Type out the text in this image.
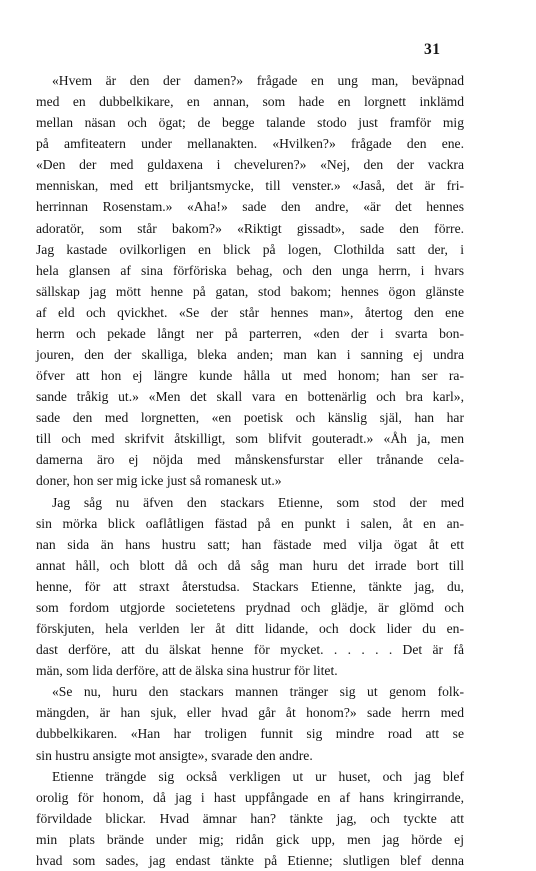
31
«Hvem är den der damen?» frågade en ung man, beväpnad
med en dubbelkikare, en annan, som hade en lorgnett inklämd
mellan näsan och ögat; de begge talande stodo just framför mig
på amfiteatern under mellanakten. «Hvilken?» frågade den ene.
«Den der med guldaxena i cheveluren?» «Nej, den der vackra
menniskan, med ett briljantsmycke, till venster.» «Jaså, det är fri-
herrinnan Rosenstam.» «Aha!» sade den andre, «är det hennes
adoratör, som står bakom?» «Riktigt gissadt», sade den förre.
Jag kastade ovilkorligen en blick på logen, Clothilda satt der, i
hela glansen af sina förföriska behag, och den unga herrn, i hvars
sällskap jag mött henne på gatan, stod bakom; hennes ögon glänste
af eld och qvickhet. «Se der står hennes man», återtog den ene
herrn och pekade långt ner på parterren, «den der i svarta bon-
jouren, den der skalliga, bleka anden; man kan i sanning ej undra
öfver att hon ej längre kunde hålla ut med honom; han ser ra-
sande tråkig ut.» «Men det skall vara en bottenärlig och bra karl»,
sade den med lorgnetten, «en poetisk och känslig själ, han har
till och med skrifvit åtskilligt, som blifvit gouteradt.» «Åh ja, men
damerna äro ej nöjda med månskensfurstar eller trånande cela-
doner, hon ser mig icke just så romanesk ut.»
Jag såg nu äfven den stackars Etienne, som stod der med
sin mörka blick oaflåtligen fästad på en punkt i salen, åt en an-
nan sida än hans hustru satt; han fästade med vilja ögat åt ett
annat håll, och blott då och då såg man huru det irrade bort till
henne, för att straxt återstudsa. Stackars Etienne, tänkte jag, du,
som fordom utgjorde societetens prydnad och glädje, är glömd och
förskjuten, hela verlden ler åt ditt lidande, och dock lider du en-
dast derföre, att du älskat henne för mycket. . . . . . Det är få
män, som lida derföre, att de älska sina hustrur för litet.
«Se nu, huru den stackars mannen tränger sig ut genom folk-
mängden, är han sjuk, eller hvad går åt honom?» sade herrn med
dubbelkikaren. «Han har troligen funnit sig mindre road att se
sin hustru ansigte mot ansigte», svarade den andre.
Etienne trängde sig också verkligen ut ur huset, och jag blef
orolig för honom, då jag i hast uppfångade en af hans kringirrande,
förvildade blickar. Hvad ämnar han? tänkte jag, och tyckte att
min plats brände under mig; ridån gick upp, men jag hörde ej
hvad som sades, jag endast tänkte på Etienne; slutligen blef denna
